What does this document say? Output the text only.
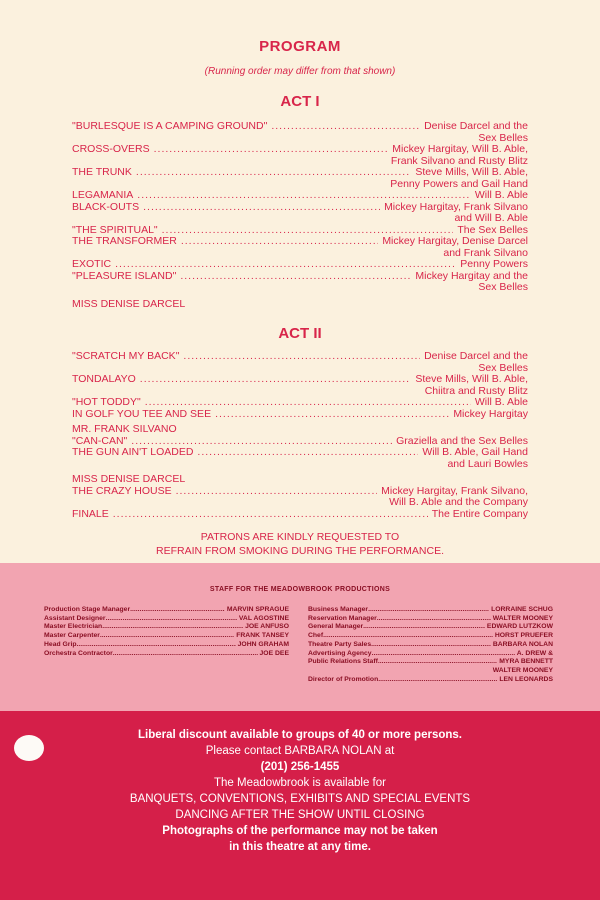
PROGRAM
(Running order may differ from that shown)
ACT I
"BURLESQUE IS A CAMPING GROUND" .....	Denise Darcel and the
Sex Belles
CROSS-OVERS .....	Mickey Hargitay, Will B. Able,
Frank Silvano and Rusty Blitz
THE TRUNK .....	Steve Mills, Will B. Able,
Penny Powers and Gail Hand
LEGAMANIA .....	Will B. Able
BLACK-OUTS .....	Mickey Hargitay, Frank Silvano
and Will B. Able
"THE SPIRITUAL" .....	The Sex Belles
THE TRANSFORMER .....	Mickey Hargitay, Denise Darcel
and Frank Silvano
EXOTIC .....	Penny Powers
"PLEASURE ISLAND" .....	Mickey Hargitay and the
Sex Belles
MISS DENISE DARCEL
ACT II
"SCRATCH MY BACK" .....	Denise Darcel and the
Sex Belles
TONDALAYO .....	Steve Mills, Will B. Able,
Chiitra and Rusty Blitz
"HOT TODDY" .....	Will B. Able
IN GOLF YOU TEE AND SEE .....	Mickey Hargitay
MR. FRANK SILVANO
"CAN-CAN" .....	Graziella and the Sex Belles
THE GUN AIN'T LOADED .....	Will B. Able, Gail Hand
and Lauri Bowles
MISS DENISE DARCEL
THE CRAZY HOUSE .....	Mickey Hargitay, Frank Silvano,
Will B. Able and the Company
FINALE .....	The Entire Company
PATRONS ARE KINDLY REQUESTED TO
REFRAIN FROM SMOKING DURING THE PERFORMANCE.
STAFF FOR THE MEADOWBROOK PRODUCTIONS
Production Stage Manager .....	MARVIN SPRAGUE
Assistant Designer .....	VAL AGOSTINE
Master Electrician .....	JOE ANFUSO
Master Carpenter .....	FRANK TANSEY
Head Grip .....	JOHN GRAHAM
Orchestra Contractor .....	JOE DEE
Business Manager .....	LORRAINE SCHUG
Reservation Manager .....	WALTER MOONEY
General Manager .....	EDWARD LUTZKOW
Chef .....	HORST PRUEFER
Theatre Party Sales .....	BARBARA NOLAN
Advertising Agency .....	A. DREW &
Public Relations Staff .....	MYRA BENNETT
WALTER MOONEY
Director of Promotion .....	LEN LEONARDS
Liberal discount available to groups of 40 or more persons.
Please contact BARBARA NOLAN at
(201) 256-1455
The Meadowbrook is available for
BANQUETS, CONVENTIONS, EXHIBITS AND SPECIAL EVENTS
DANCING AFTER THE SHOW UNTIL CLOSING
Photographs of the performance may not be taken
in this theatre at any time.
